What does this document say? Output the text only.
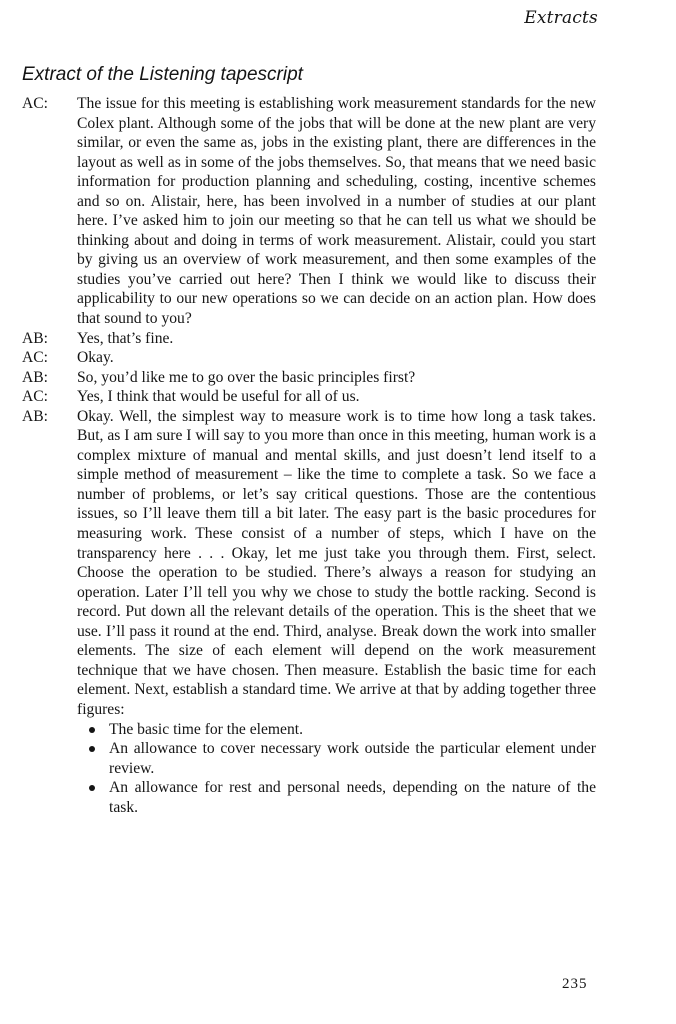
Extracts
Extract of the Listening tapescript
AC:	The issue for this meeting is establishing work measurement standards for the new Colex plant. Although some of the jobs that will be done at the new plant are very similar, or even the same as, jobs in the existing plant, there are differences in the layout as well as in some of the jobs themselves. So, that means that we need basic information for production planning and scheduling, costing, incentive schemes and so on. Alistair, here, has been involved in a number of studies at our plant here. I’ve asked him to join our meeting so that he can tell us what we should be thinking about and doing in terms of work measurement. Alistair, could you start by giving us an overview of work measurement, and then some examples of the studies you’ve carried out here? Then I think we would like to discuss their applicability to our new operations so we can decide on an action plan. How does that sound to you?
AB:	Yes, that’s fine.
AC:	Okay.
AB:	So, you’d like me to go over the basic principles first?
AC:	Yes, I think that would be useful for all of us.
AB:	Okay. Well, the simplest way to measure work is to time how long a task takes. But, as I am sure I will say to you more than once in this meeting, human work is a complex mixture of manual and mental skills, and just doesn’t lend itself to a simple method of measurement – like the time to complete a task. So we face a number of problems, or let’s say critical questions. Those are the contentious issues, so I’ll leave them till a bit later. The easy part is the basic procedures for measuring work. These consist of a number of steps, which I have on the transparency here . . . Okay, let me just take you through them. First, select. Choose the operation to be studied. There’s always a reason for studying an operation. Later I’ll tell you why we chose to study the bottle racking. Second is record. Put down all the relevant details of the operation. This is the sheet that we use. I’ll pass it round at the end. Third, analyse. Break down the work into smaller elements. The size of each element will depend on the work measurement technique that we have chosen. Then measure. Establish the basic time for each element. Next, establish a standard time. We arrive at that by adding together three figures:
The basic time for the element.
An allowance to cover necessary work outside the particular element under review.
An allowance for rest and personal needs, depending on the nature of the task.
235
